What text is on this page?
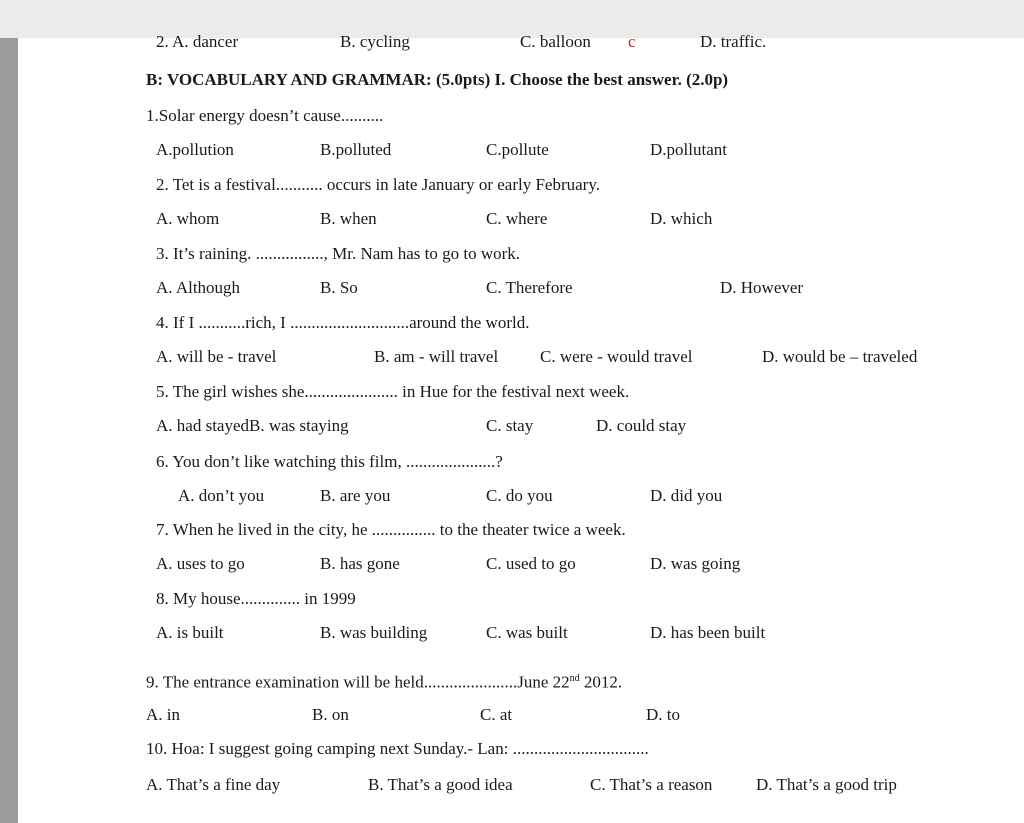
2. A. dancer	B. cycling	C. balloon c	D. traffic.
B: VOCABULARY AND GRAMMAR: (5.0pts) I. Choose the best answer. (2.0p)
1.Solar energy doesn’t cause..........
A.pollution	B.polluted	C.pollute	D.pollutant
2. Tet is a festival........... occurs in late January or early February.
A. whom	B. when	C. where	D. which
3. It’s raining. ................, Mr. Nam has to go to work.
A. Although	B. So	C. Therefore	D. However
4. If I ...........rich, I ............................around the world.
A. will be - travel	B. am - will travel C. were - would travel	D. would be – traveled
5. The girl wishes she...................... in Hue for the festival next week.
A. had stayedB. was staying	C. stay	D. could stay
6. You don’t like watching this film, .....................?
A. don’t you	B. are you	C. do you	D. did you
7. When he lived in the city, he ............... to the theater twice a week.
A. uses to go	B. has gone	C. used to go	D. was going
8. My house.............. in 1999
A. is built	B. was building	C. was built	D. has been built
9. The entrance examination will be held......................June 22nd 2012.
A. in	B. on	C. at	D. to
10. Hoa: I suggest going camping next Sunday.- Lan: ................................
A. That’s a fine day	B. That’s a good idea	C. That’s a reason	D. That’s a good trip
